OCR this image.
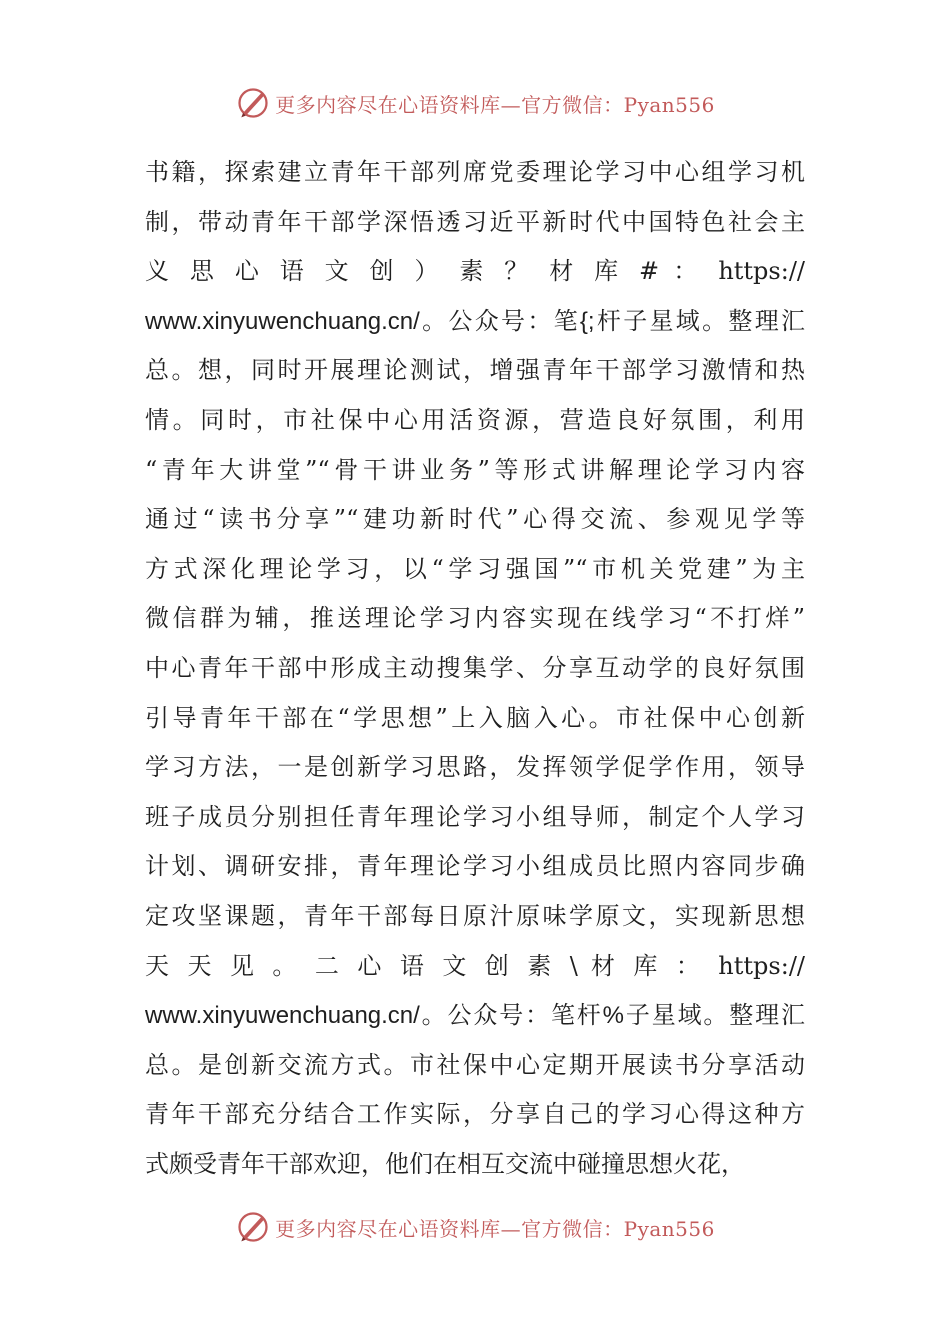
更多内容尽在心语资料库—官方微信：Pyan556
书籍，探索建立青年干部列席党委理论学习中心组学习机
制，带动青年干部学深悟透习近平新时代中国特色社会主
义 思 心 语 文 创 ） 素 ？ 材 库 # ： https://
www.xinyuwenchuang.cn/。公众号：笔{;杆子星域。整理汇
总。想，同时开展理论测试，增强青年干部学习激情和热
情。同时，市社保中心用活资源，营造良好氛围，利用
“青年大讲堂”“骨干讲业务”等形式讲解理论学习内容
通过“读书分享”“建功新时代”心得交流、参观见学等
方式深化理论学习，以“学习强国”“市机关党建”为主
微信群为辅，推送理论学习内容实现在线学习“不打烊”
中心青年干部中形成主动搜集学、分享互动学的良好氛围
引导青年干部在“学思想”上入脑入心。市社保中心创新
学习方法，一是创新学习思路，发挥领学促学作用，领导
班子成员分别担任青年理论学习小组导师，制定个人学习
计划、调研安排，青年理论学习小组成员比照内容同步确
定攻坚课题，青年干部每日原汁原味学原文，实现新思想
天 天 见 。 二 心 语 文 创 素 \ 材 库 ： https://
www.xinyuwenchuang.cn/。公众号：笔杆%子星域。整理汇
总。是创新交流方式。市社保中心定期开展读书分享活动
青年干部充分结合工作实际，分享自己的学习心得这种方
式颇受青年干部欢迎，他们在相互交流中碰撞思想火花，
更多内容尽在心语资料库—官方微信：Pyan556
